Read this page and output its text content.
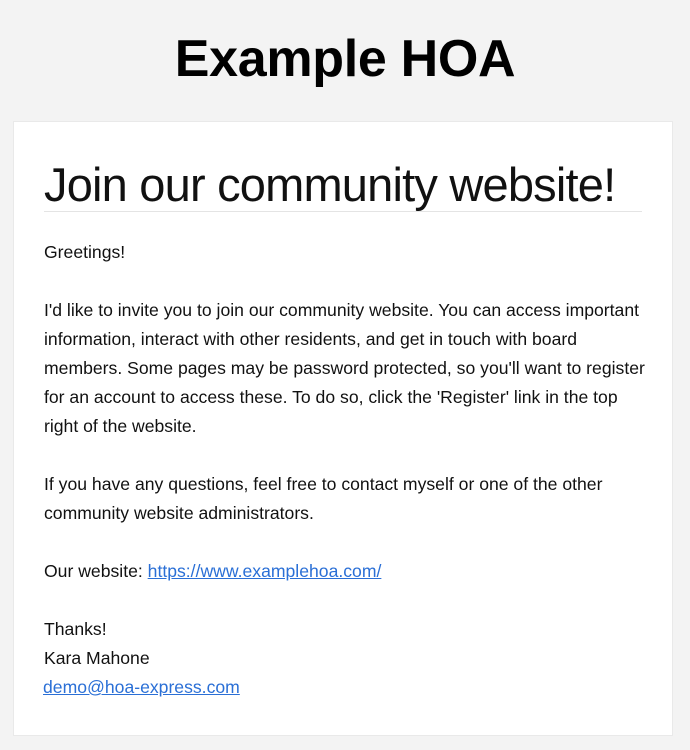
Example HOA
Join our community website!

Greetings!

I'd like to invite you to join our community website. You can access important information, interact with other residents, and get in touch with board members. Some pages may be password protected, so you'll want to register for an account to access these. To do so, click the 'Register' link in the top right of the website.

If you have any questions, feel free to contact myself or one of the other community website administrators.

Our website: https://www.examplehoa.com/

Thanks!
Kara Mahone
demo@hoa-express.com
